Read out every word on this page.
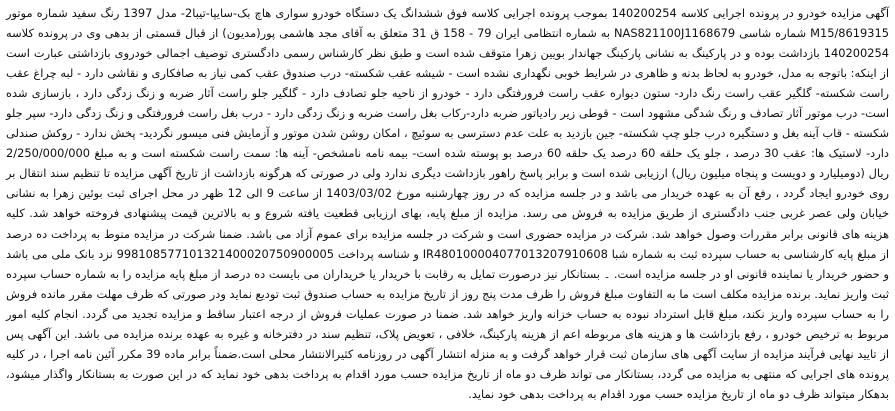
آگهی مزایده خودرو در پرونده اجرایی کلاسه 140200254 بموجب پرونده اجرایی کلاسه فوق ششدانگ یک دستگاه خودرو سواری هاچ بک-سایپا-تیبا2- مدل 1397 رنگ سفید شماره موتور M15/8619315 شماره شاسی NAS821100J1168679 به شماره انتظامی ایران 79 - 158 ق 31 متعلق به آقای مجد هاشمی پور(مدیون) از قبال قسمتی از بدهی وی در پرونده کلاسه 140200254 بازداشت بوده و در پارکینگ به نشانی پارکینگ جهاندار بویین زهرا متوقف شده است و طبق نظر کارشناس رسمی دادگستری توصیف اجمالی خودروی بازداشتی عبارت است از اینکه: باتوجه به مدل، خودرو به لحاظ بدنه و ظاهری در شرایط خوبی نگهداری نشده است - شیشه عقب شکسته- درب صندوق عقب کمی نیاز به صافکاری و نقاشی دارد - لبه چراغ عقب راست شکسته- گلگیر عقب راست رنگ دارد- ستون دیواره عقب راست فرورفتگی دارد - خودرو از ناحیه جلو تصادف دارد - گلگیر جلو راست آثار ضربه و زنگ زدگی دارد ، بازسازی شده است- درب موتور آثار تصادف و رنگ شدگی مشهود است - قوطی زیر رادیاتور ضربه دارد-رکاب بغل راست ضربه و زنگ زدگی دارد - درب بغل راست فرورفتگی و زنگ زدگی دارد- سپر جلو شکسته - قاب آینه بغل و دستگیره درب جلو چپ شکسته- جین بازدید به علت عدم دسترسی به سوئیچ ، امکان روشن شدن موتور و آزمایش فنی میسور نگردید- پخش ندارد - روکش صندلی دارد- لاستیک ها: عقب 30 درصد ، جلو یک حلقه 60 درصد یک حلقه 60 درصد بو پوسته شده است- بیمه نامه نامشخص- آینه ها: سمت راست شکسته است و به مبلغ 2/250/000/000 ریال (دومیلیارد و دویست و پنجاه میلیون ریال) ارزیابی شده است و برابر پاسخ راهور بازداشت دیگری ندارد ولی در صورتی که هرگونه بازداشت از تاریخ آگهی مزایده تا تنظیم سند انتقال بر روی خودرو ایجاد گردد ، رفع آن به عهده خریدار می باشد و در جلسه مزایده که در روز چهارشنبه مورخ 1403/03/02 از ساعت 9 الی 12 ظهر در محل اجرای ثبت بوئین زهرا به نشانی خیابان ولی عصر غربی جنب دادگستری از طریق مزایده به فروش می رسد. مزایده از مبلغ پایه، بهای ارزیابی قطعیت یافته شروع و به بالاترین قیمت پیشنهادی فروخته خواهد شد. کلیه هزینه های قانونی برابر مقررات وصول خواهد شد. شرکت در مزایده حضوری است و شرکت در جلسه مزایده برای عموم آزاد می باشد. ضمنا شرکت در مزایده منوط به پرداخت ده درصد از مبلغ پایه کارشناسی به حساب سپرده ثبت به شماره شبا IR480100004077013207910608 و شناسه پرداخت 998108577101321400020750900005 نزد بانک ملی می باشد و حضور خریدار یا نماینده قانونی او در جلسه مزایده است. ۔ بستانکار نیز درصورت تمایل به رقابت با خریدار یا خریداران می بایست ده درصد از مبلغ پایه مزایده را به شماره حساب سپرده ثبت واریز نماید. برنده مزایده مکلف است ما به التفاوت مبلغ فروش را ظرف مدت پنج روز از تاریخ مزایده به حساب صندوق ثبت تودیع نماید ودر صورتی که ظرف مهلت مقرر مانده فروش را به حساب سپرده واریز نکند، مبلغ قابل استرداد نبوده به حساب خزانه واریز خواهد شد. ضمنا در صورت عملیات فروش از درجه اعتبار ساقط و مزایده تجدید می گردد. انجام کلیه امور مربوط به ترخیص خودرو ، رفع بازداشت ها و هزینه های مربوطه اعم از هزینه پارکینگ، خلافی ، تعویض پلاک، تنظیم سند در دفترخانه و غیره به عهده برنده مزایده می باشد. این آگهی پس از تایید نهایی فرآیند مزایده از سایت آگهی های سازمان ثبت قرار خواهد گرفت و به منزله انتشار آگهی در روزنامه کثیرالانتشار محلی است.ضمناً برابر ماده 39 مکرر آئین نامه اجرا ، در کلیه پرونده های اجرایی که منتهی به مزایده می گردد، بستانکار می تواند ظرف دو ماه از تاریخ مزایده حسب مورد اقدام به پرداخت بدهی خود نماید که در این صورت به بستانکار واگذار میشود، بدهکار میتواند ظرف دو ماه از تاریخ مزایده حسب مورد اقدام به پرداخت بدهی خود نماید.
